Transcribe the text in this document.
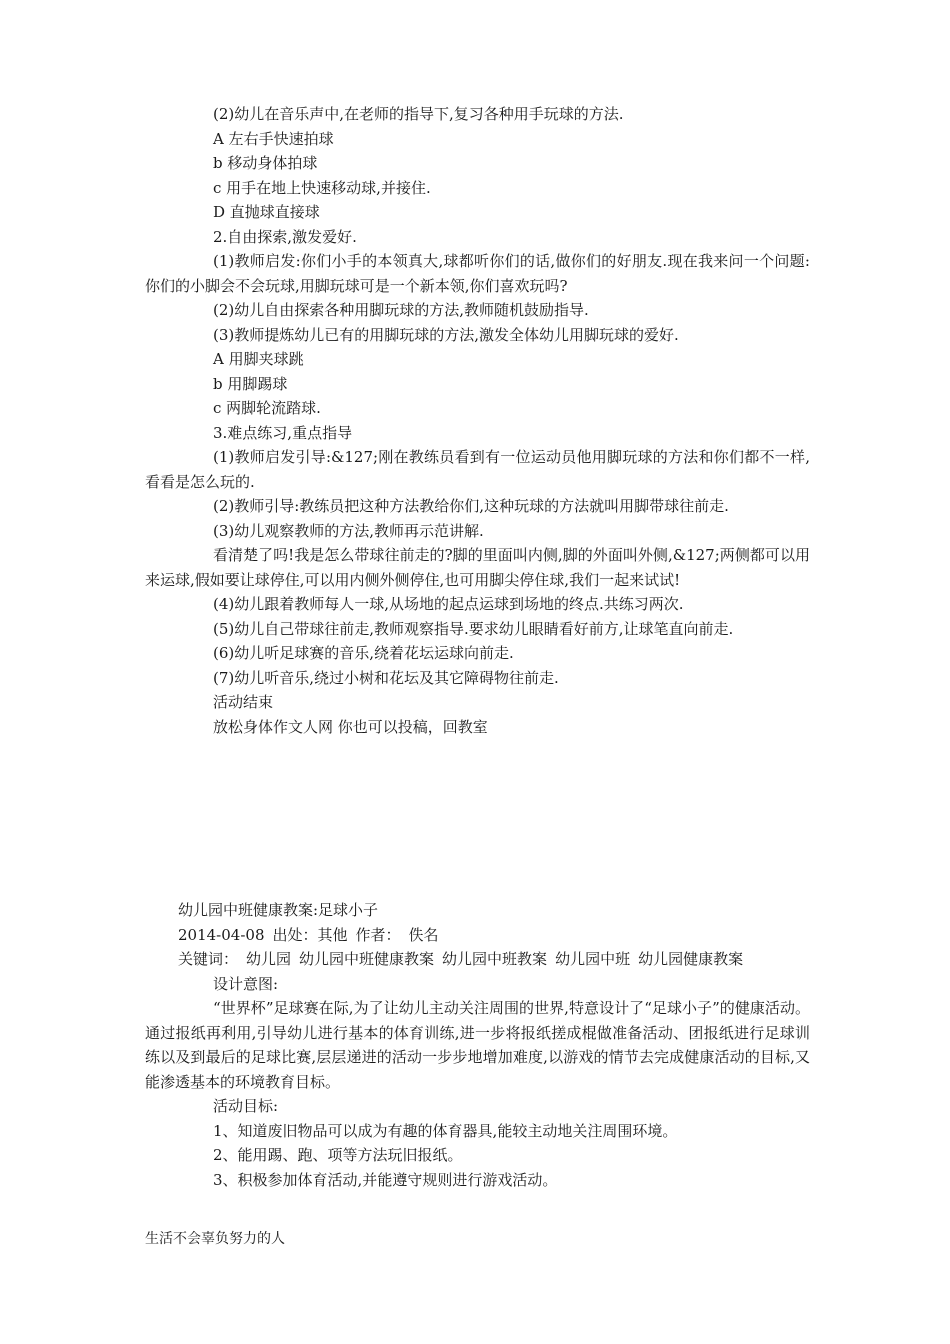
(2)幼儿在音乐声中,在老师的指导下,复习各种用手玩球的方法.

A 左右手快速拍球

b 移动身体拍球

c 用手在地上快速移动球,并接住.

D 直抛球直接球

2.自由探索,激发爱好.

(1)教师启发:你们小手的本领真大,球都听你们的话,做你们的好朋友.现在我来问一个问题:你们的小脚会不会玩球,用脚玩球可是一个新本领,你们喜欢玩吗?

(2)幼儿自由探索各种用脚玩球的方法,教师随机鼓励指导.

(3)教师提炼幼儿已有的用脚玩球的方法,激发全体幼儿用脚玩球的爱好.

A 用脚夹球跳

b 用脚踢球

c 两脚轮流踏球.

3.难点练习,重点指导

(1)教师启发引导:&127;刚在教练员看到有一位运动员他用脚玩球的方法和你们都不一样,看看是怎么玩的.

(2)教师引导:教练员把这种方法教给你们,这种玩球的方法就叫用脚带球往前走.

(3)幼儿观察教师的方法,教师再示范讲解.

看清楚了吗!我是怎么带球往前走的?脚的里面叫内侧,脚的外面叫外侧,&127;两侧都可以用来运球,假如要让球停住,可以用内侧外侧停住,也可用脚尖停住球,我们一起来试试!

(4)幼儿跟着教师每人一球,从场地的起点运球到场地的终点.共练习两次.

(5)幼儿自己带球往前走,教师观察指导.要求幼儿眼睛看好前方,让球笔直向前走.

(6)幼儿听足球赛的音乐,绕着花坛运球向前走.

(7)幼儿听音乐,绕过小树和花坛及其它障碍物往前走.

活动结束

放松身体作文人网 你也可以投稿，回教室

幼儿园中班健康教案:足球小子

2014-04-08 出处：其他 作者： 佚名

关键词： 幼儿园 幼儿园中班健康教案 幼儿园中班教案 幼儿园中班 幼儿园健康教案

设计意图:

“世界杯”足球赛在际,为了让幼儿主动关注周围的世界,特意设计了“足球小子”的健康活动。通过报纸再利用,引导幼儿进行基本的体育训练,进一步将报纸搓成棍做准备活动、团报纸进行足球训练以及到最后的足球比赛,层层递进的活动一步步地增加难度,以游戏的情节去完成健康活动的目标,又能渗透基本的环境教育目标。

活动目标:

1、知道废旧物品可以成为有趣的体育器具,能较主动地关注周围环境。

2、能用踢、跑、项等方法玩旧报纸。

3、积极参加体育活动,并能遵守规则进行游戏活动。

生活不会辜负努力的人
